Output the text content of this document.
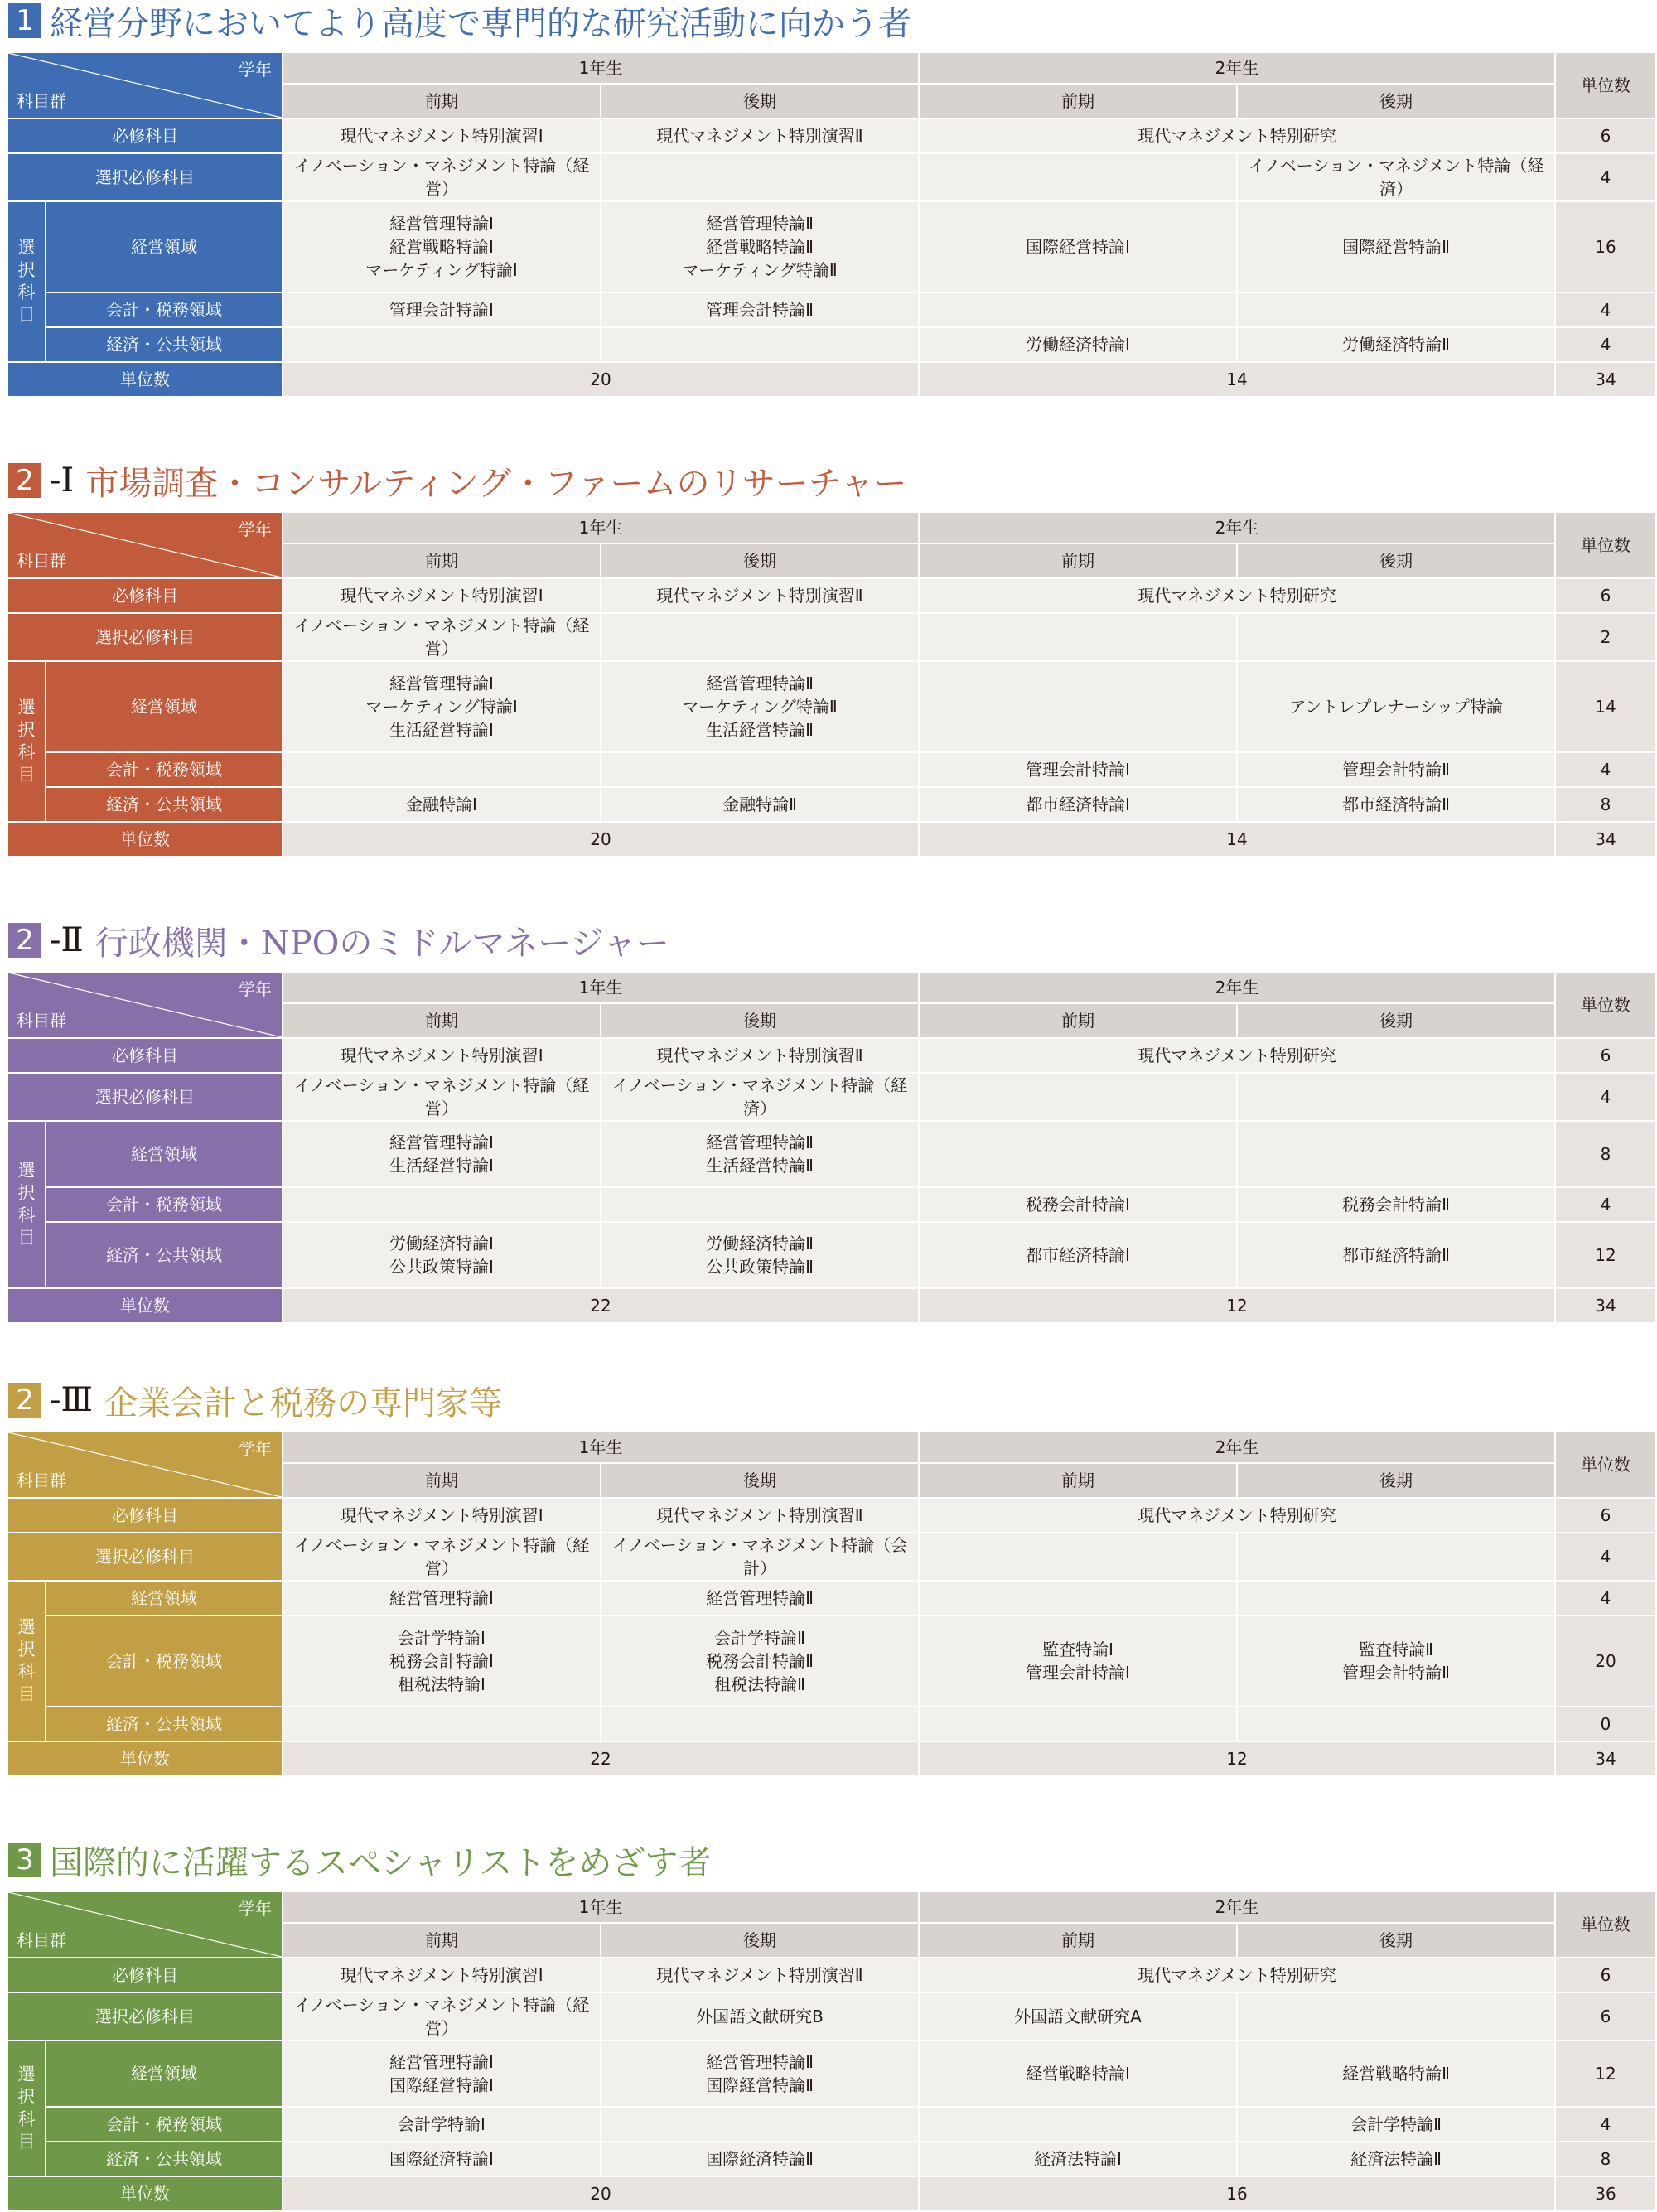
1 経営分野においてより高度で専門的な研究活動に向かう者
学年
科目群		1年生		2年生		単位数
		前期	後期	前期	後期	
必修科目		現代マネジメント特別演習Ⅰ	現代マネジメント特別演習Ⅱ	現代マネジメント特別研究		6
選択必修科目		イノベーション・マネジメント特論（経営）			イノベーション・マネジメント特論（経済）	4

選
択
科
目	経営領域	経営管理特論Ⅰ
経営戦略特論Ⅰ
マーケティング特論Ⅰ	経営管理特論Ⅱ
経営戦略特論Ⅱ
マーケティング特論Ⅱ	国際経営特論Ⅰ	国際経営特論Ⅱ	16
	会計・税務領域	管理会計特論Ⅰ	管理会計特論Ⅱ			4
	経済・公共領域			労働経済特論Ⅰ	労働経済特論Ⅱ	4
単位数		20		14		34
2 -Ⅰ 市場調査・コンサルティング・ファームのリサーチャー
学年
科目群		1年生		2年生		単位数
		前期	後期	前期	後期	
必修科目		現代マネジメント特別演習Ⅰ	現代マネジメント特別演習Ⅱ	現代マネジメント特別研究		6
選択必修科目		イノベーション・マネジメント特論（経営）				2

選
択
科
目	経営領域	経営管理特論Ⅰ
マーケティング特論Ⅰ
生活経営特論Ⅰ	経営管理特論Ⅱ
マーケティング特論Ⅱ
生活経営特論Ⅱ		アントレプレナーシップ特論	14
	会計・税務領域			管理会計特論Ⅰ	管理会計特論Ⅱ	4
	経済・公共領域	金融特論Ⅰ	金融特論Ⅱ	都市経済特論Ⅰ	都市経済特論Ⅱ	8
単位数		20		14		34
2 -Ⅱ 行政機関・NPOのミドルマネージャー
学年
科目群		1年生		2年生		単位数
		前期	後期	前期	後期	
必修科目		現代マネジメント特別演習Ⅰ	現代マネジメント特別演習Ⅱ	現代マネジメント特別研究		6
選択必修科目		イノベーション・マネジメント特論（経営）	イノベーション・マネジメント特論（経済）			4

選
択
科
目	経営領域	経営管理特論Ⅰ
生活経営特論Ⅰ	経営管理特論Ⅱ
生活経営特論Ⅱ			8
	会計・税務領域			税務会計特論Ⅰ	税務会計特論Ⅱ	4
	経済・公共領域	労働経済特論Ⅰ
公共政策特論Ⅰ	労働経済特論Ⅱ
公共政策特論Ⅱ	都市経済特論Ⅰ	都市経済特論Ⅱ	12
単位数		22		12		34
2 -Ⅲ 企業会計と税務の専門家等
学年
科目群		1年生		2年生		単位数
		前期	後期	前期	後期	
必修科目		現代マネジメント特別演習Ⅰ	現代マネジメント特別演習Ⅱ	現代マネジメント特別研究		6
選択必修科目		イノベーション・マネジメント特論（経営）	イノベーション・マネジメント特論（会計）			4

選
択
科
目	経営領域	経営管理特論Ⅰ	経営管理特論Ⅱ			4
	会計・税務領域	会計学特論Ⅰ
税務会計特論Ⅰ
租税法特論Ⅰ	会計学特論Ⅱ
税務会計特論Ⅱ
租税法特論Ⅱ	監査特論Ⅰ
管理会計特論Ⅰ	監査特論Ⅱ
管理会計特論Ⅱ	20
	経済・公共領域					0
単位数		22		12		34
3 国際的に活躍するスペシャリストをめざす者
学年
科目群		1年生		2年生		単位数
		前期	後期	前期	後期	
必修科目		現代マネジメント特別演習Ⅰ	現代マネジメント特別演習Ⅱ	現代マネジメント特別研究		6
選択必修科目		イノベーション・マネジメント特論（経営）	外国語文献研究B	外国語文献研究A		6

選
択
科
目	経営領域	経営管理特論Ⅰ
国際経営特論Ⅰ	経営管理特論Ⅱ
国際経営特論Ⅱ	経営戦略特論Ⅰ	経営戦略特論Ⅱ	12
	会計・税務領域	会計学特論Ⅰ			会計学特論Ⅱ	4
	経済・公共領域	国際経済特論Ⅰ	国際経済特論Ⅱ	経済法特論Ⅰ	経済法特論Ⅱ	8
単位数		20		16		36
